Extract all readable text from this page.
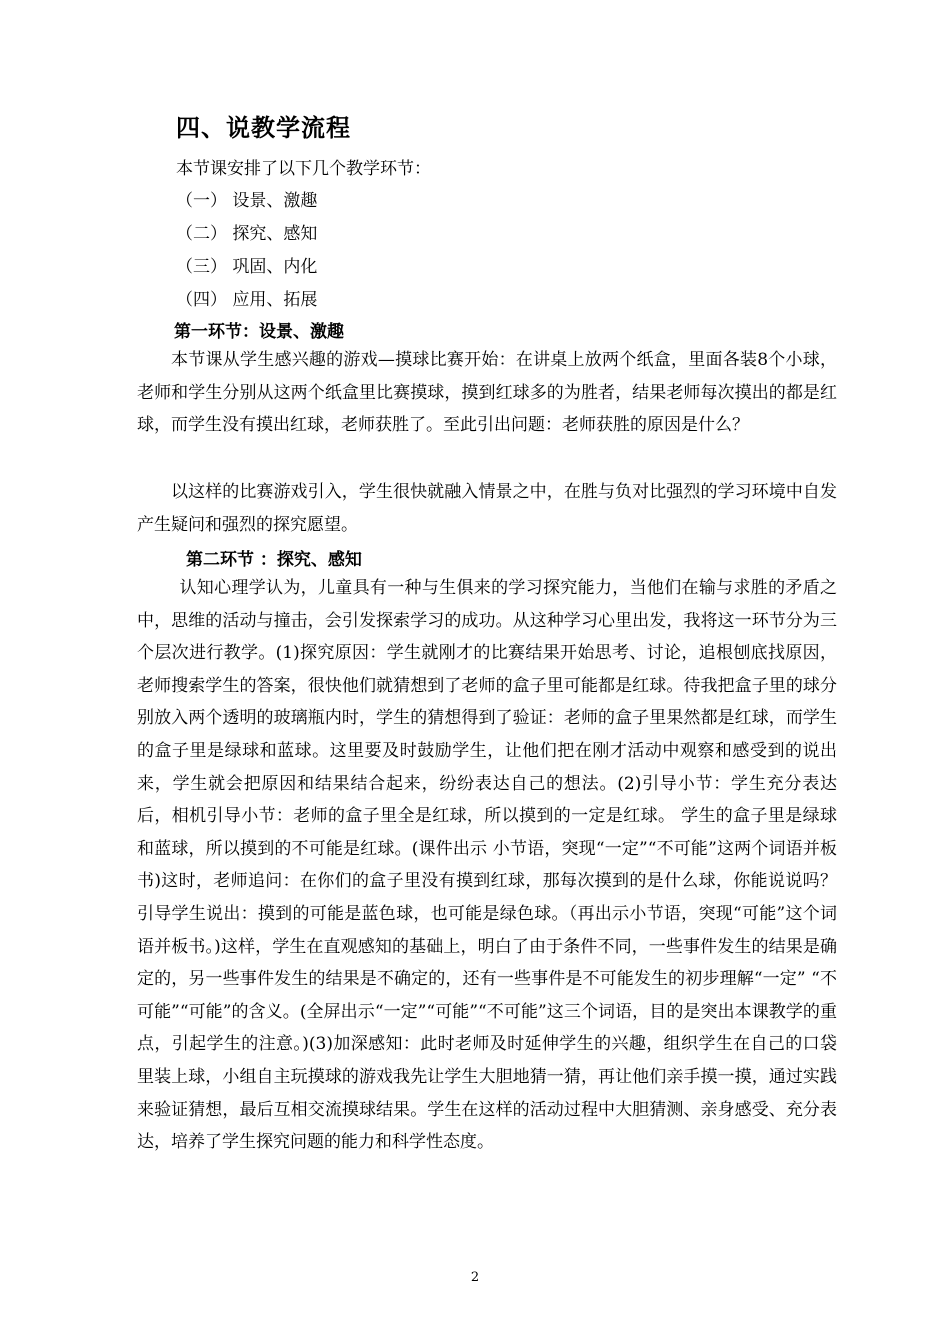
四、说教学流程
本节课安排了以下几个教学环节：
（一） 设景、激趣
（二） 探究、感知
（三） 巩固、内化
（四） 应用、拓展
第一环节：设景、激趣
本节课从学生感兴趣的游戏—摸球比赛开始：在讲桌上放两个纸盒，里面各装8个小球，老师和学生分别从这两个纸盒里比赛摸球，摸到红球多的为胜者，结果老师每次摸出的都是红球，而学生没有摸出红球，老师获胜了。至此引出问题：老师获胜的原因是什么？
以这样的比赛游戏引入，学生很快就融入情景之中，在胜与负对比强烈的学习环境中自发产生疑问和强烈的探究愿望。
第二环节 ：探究、感知
认知心理学认为，儿童具有一种与生俱来的学习探究能力，当他们在输与求胜的矛盾之中，思维的活动与撞击，会引发探索学习的成功。从这种学习心里出发，我将这一环节分为三个层次进行教学。(1)探究原因：学生就刚才的比赛结果开始思考、讨论，追根刨底找原因，老师搜索学生的答案，很快他们就猜想到了老师的盒子里可能都是红球。待我把盒子里的球分别放入两个透明的玻璃瓶内时，学生的猜想得到了验证：老师的盒子里果然都是红球，而学生的盒子里是绿球和蓝球。这里要及时鼓励学生，让他们把在刚才活动中观察和感受到的说出来，学生就会把原因和结果结合起来，纷纷表达自己的想法。(2)引导小节：学生充分表达后，相机引导小节：老师的盒子里全是红球，所以摸到的一定是红球。 学生的盒子里是绿球和蓝球，所以摸到的不可能是红球。(课件出示 小节语，突现“一定”“不可能”这两个词语并板书)这时，老师追问：在你们的盒子里没有摸到红球，那每次摸到的是什么球，你能说说吗？引导学生说出：摸到的可能是蓝色球，也可能是绿色球。（再出示小节语，突现“可能”这个词语并板书。)这样，学生在直观感知的基础上，明白了由于条件不同，一些事件发生的结果是确定的，另一些事件发生的结果是不确定的，还有一些事件是不可能发生的初步理解“一定” “不可能”“可能”的含义。(全屏出示“一定”“可能”“不可能”这三个词语，目的是突出本课教学的重点，引起学生的注意。)(3)加深感知：此时老师及时延伸学生的兴趣，组织学生在自己的口袋里装上球，小组自主玩摸球的游戏我先让学生大胆地猜一猜，再让他们亲手摸一摸，通过实践来验证猜想，最后互相交流摸球结果。学生在这样的活动过程中大胆猜测、亲身感受、充分表达，培养了学生探究问题的能力和科学性态度。
2
